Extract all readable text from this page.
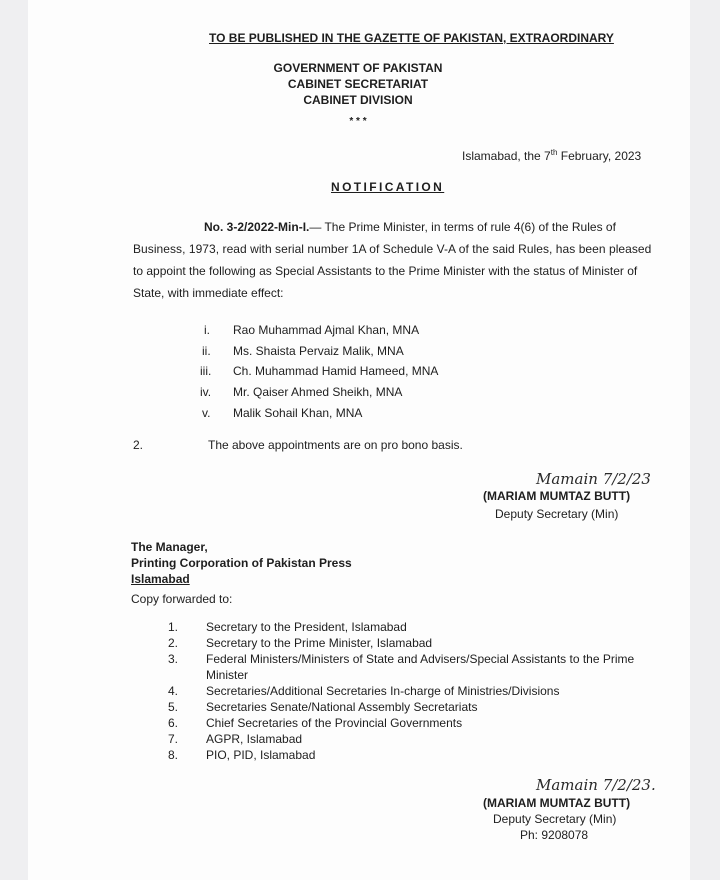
TO BE PUBLISHED IN THE GAZETTE OF PAKISTAN, EXTRAORDINARY
GOVERNMENT OF PAKISTAN
CABINET SECRETARIAT
CABINET DIVISION
* * *
Islamabad, the 7th February, 2023
NOTIFICATION
No. 3-2/2022-Min-I.— The Prime Minister, in terms of rule 4(6) of the Rules of
Business, 1973, read with serial number 1A of Schedule V-A of the said Rules, has been pleased
to appoint the following as Special Assistants to the Prime Minister with the status of Minister of
State, with immediate effect:
i. Rao Muhammad Ajmal Khan, MNA
ii. Ms. Shaista Pervaiz Malik, MNA
iii. Ch. Muhammad Hamid Hameed, MNA
iv. Mr. Qaiser Ahmed Sheikh, MNA
v. Malik Sohail Khan, MNA
2.	The above appointments are on pro bono basis.
Mamain 7/2/23
(MARIAM MUMTAZ BUTT)
Deputy Secretary (Min)
The Manager,
Printing Corporation of Pakistan Press
Islamabad
Copy forwarded to:
1. Secretary to the President, Islamabad
2. Secretary to the Prime Minister, Islamabad
3. Federal Ministers/Ministers of State and Advisers/Special Assistants to the Prime
Minister
4. Secretaries/Additional Secretaries In-charge of Ministries/Divisions
5. Secretaries Senate/National Assembly Secretariats
6. Chief Secretaries of the Provincial Governments
7. AGPR, Islamabad
8. PIO, PID, Islamabad
Mamain 7/2/23.
(MARIAM MUMTAZ BUTT)
Deputy Secretary (Min)
Ph: 9208078
